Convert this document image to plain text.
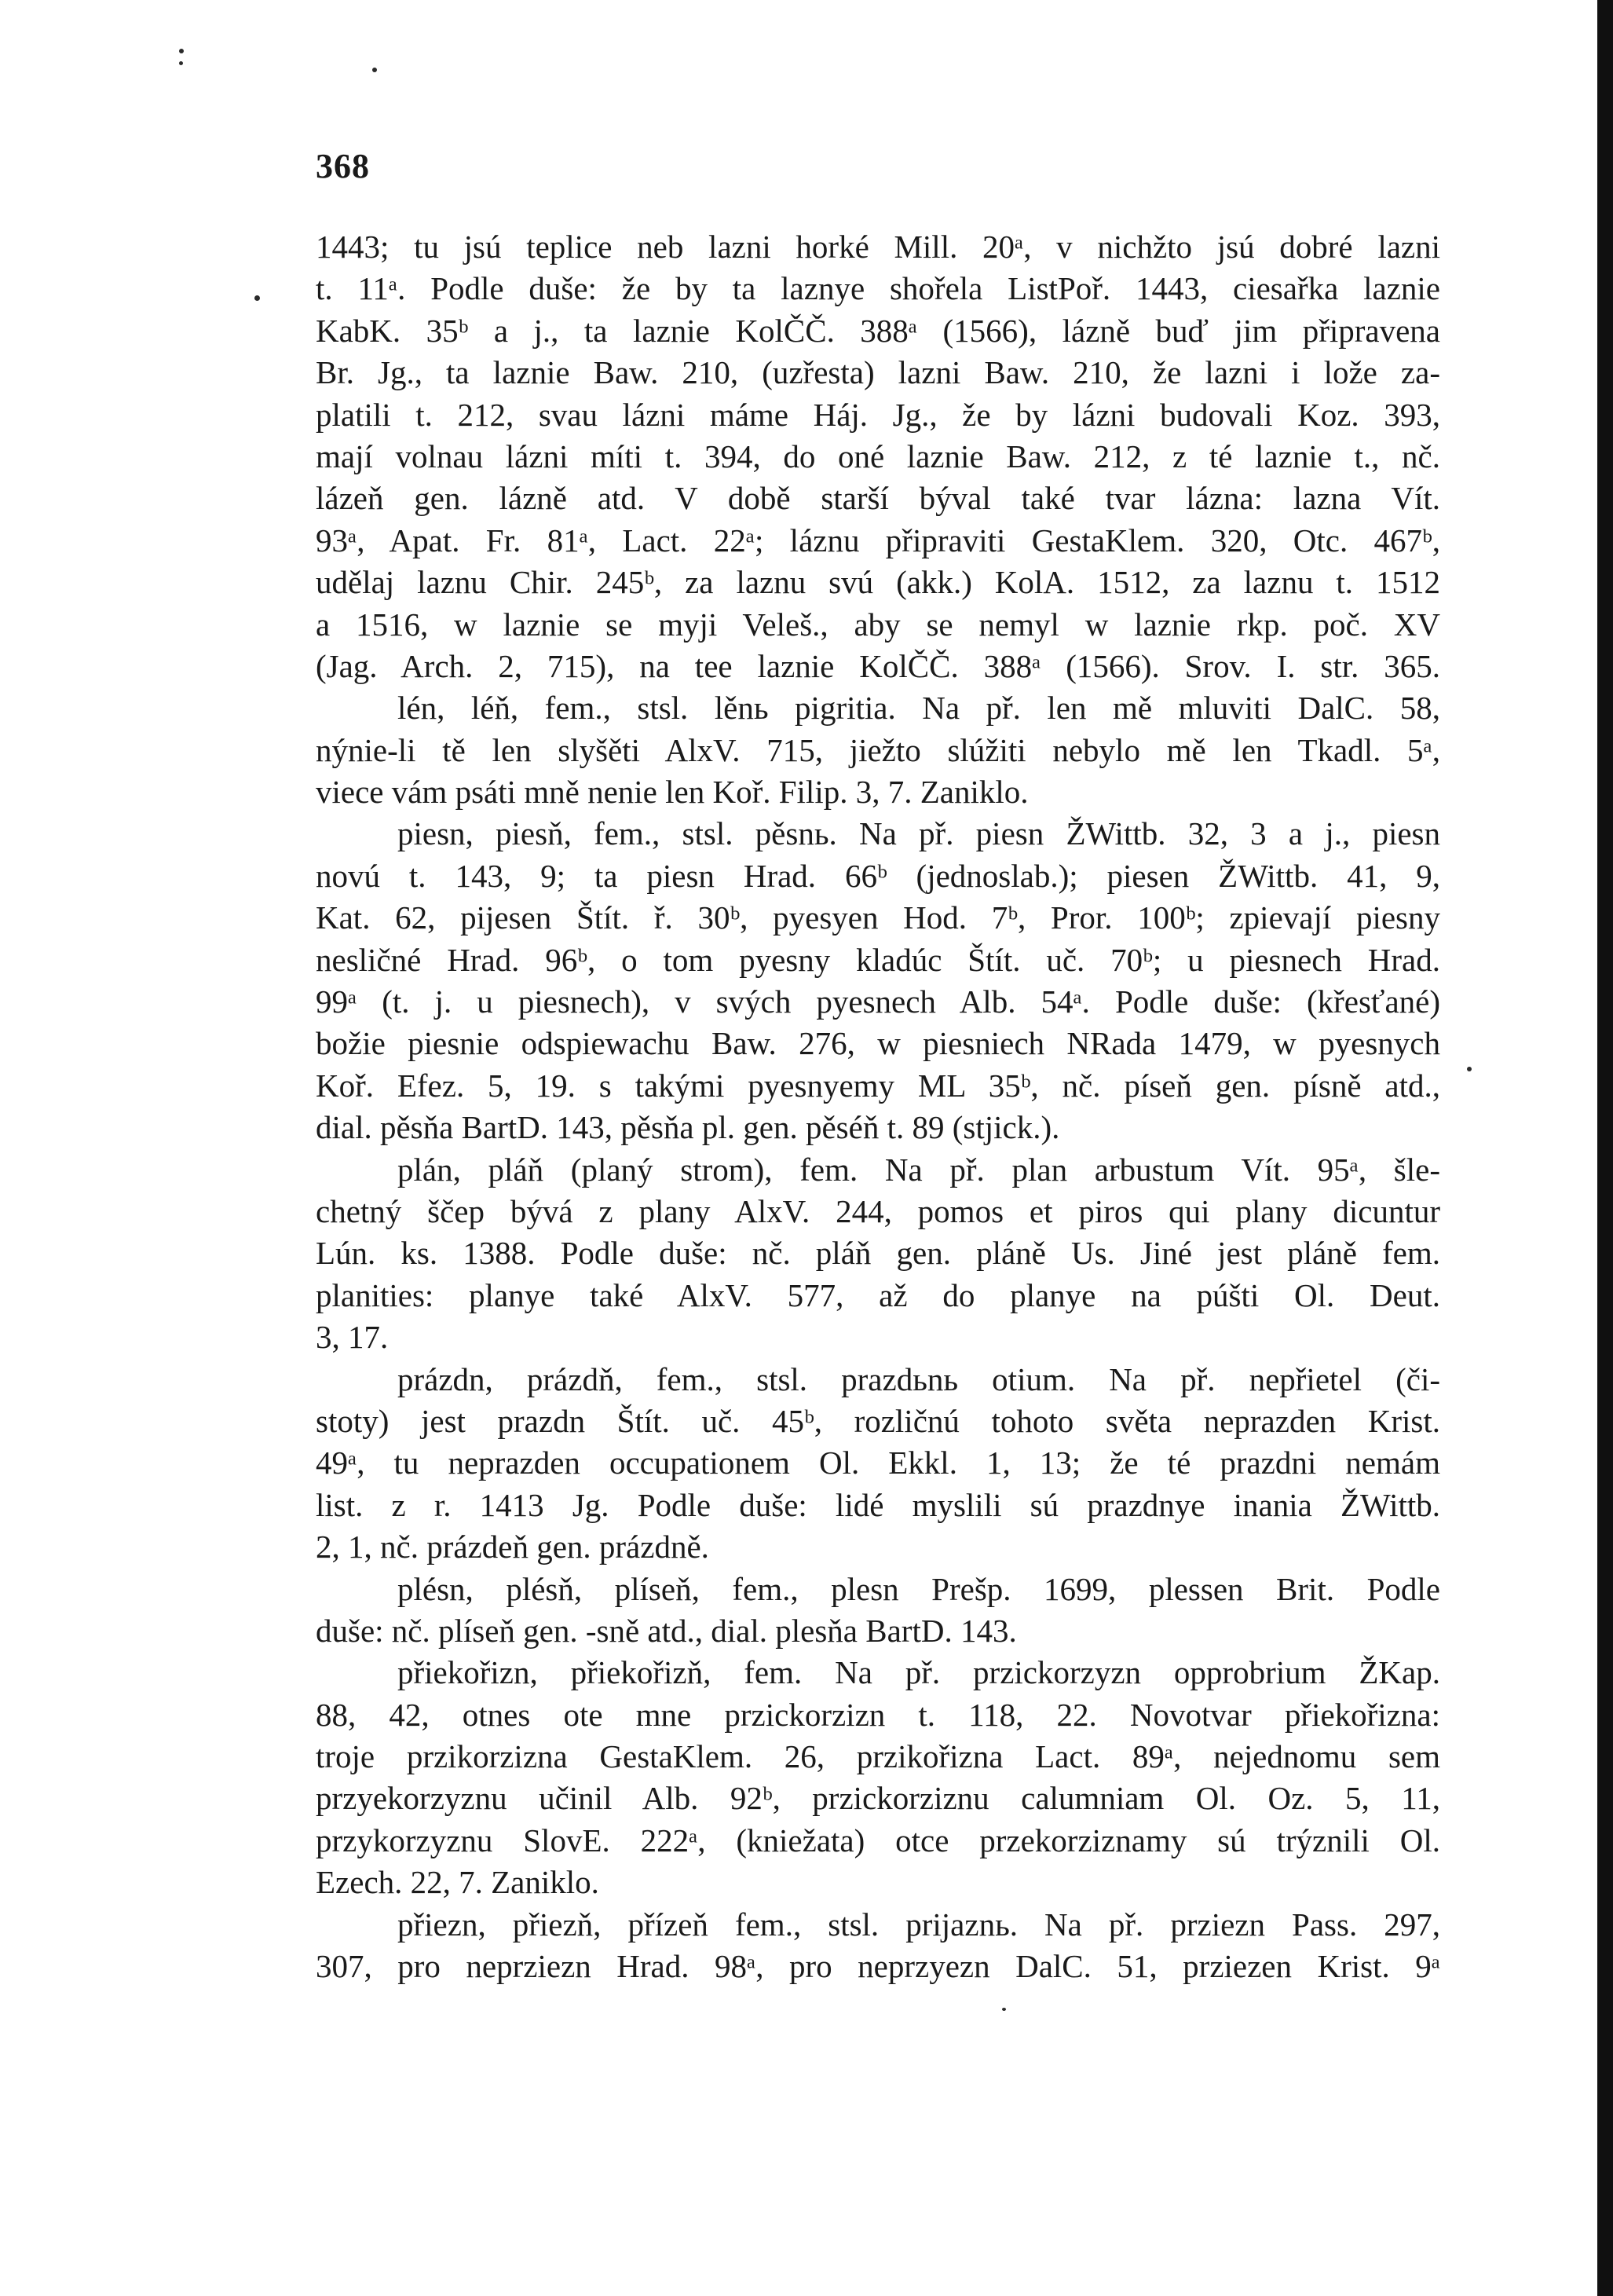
368
1443; tu jsú teplice neb lazni horké Mill. 20ᵃ, v nichžto jsú dobré lazni
t. 11ᵃ. Podle duše: že by ta laznye shořela ListPoř. 1443, ciesařka laznie
KabK. 35ᵇ a j., ta laznie KolČČ. 388ᵃ (1566), lázně buď jim připravena
Br. Jg., ta laznie Baw. 210, (uzřesta) lazni Baw. 210, že lazni i lože za-
platili t. 212, svau lázni máme Háj. Jg., že by lázni budovali Koz. 393,
mají volnau lázni míti t. 394, do oné laznie Baw. 212, z té laznie t., nč.
lázeň gen. lázně atd. V době starší býval také tvar lázna: lazna Vít.
93ᵃ, Apat. Fr. 81ᵃ, Lact. 22ᵃ; láznu připraviti GestaKlem. 320, Otc. 467ᵇ,
udělaj laznu Chir. 245ᵇ, za laznu svú (akk.) KolA. 1512, za laznu t. 1512
a 1516, w laznie se myji Veleš., aby se nemyl w laznie rkp. poč. XV
(Jag. Arch. 2, 715), na tee laznie KolČČ. 388ᵃ (1566). Srov. I. str. 365.
lén, léň, fem., stsl. lěnь pigritia. Na př. len mě mluviti DalC. 58,
nýnie-li tě len slyšěti AlxV. 715, jiežto slúžiti nebylo mě len Tkadl. 5ᵃ,
viece vám psáti mně nenie len Koř. Filip. 3, 7. Zaniklo.
piesn, piesň, fem., stsl. pěsnь. Na př. piesn ŽWittb. 32, 3 a j., piesn
novú t. 143, 9; ta piesn Hrad. 66ᵇ (jednoslab.); piesen ŽWittb. 41, 9,
Kat. 62, pijesen Štít. ř. 30ᵇ, pyesyen Hod. 7ᵇ, Pror. 100ᵇ; zpievají piesny
nesličné Hrad. 96ᵇ, o tom pyesny kladúc Štít. uč. 70ᵇ; u piesnech Hrad.
99ᵃ (t. j. u piesnech), v svých pyesnech Alb. 54ᵃ. Podle duše: (křesťané)
božie piesnie odspiewachu Baw. 276, w piesniech NRada 1479, w pyesnych
Koř. Efez. 5, 19. s takými pyesnyemy ML 35ᵇ, nč. píseň gen. písně atd.,
dial. pěsňa BartD. 143, pěsňa pl. gen. pěséň t. 89 (stjick.).
plán, pláň (planý strom), fem. Na př. plan arbustum Vít. 95ᵃ, šle-
chetný ščep bývá z plany AlxV. 244, pomos et piros qui plany dicuntur
Lún. ks. 1388. Podle duše: nč. pláň gen. pláně Us. Jiné jest pláně fem.
planities: planye také AlxV. 577, až do planye na púšti Ol. Deut.
3, 17.
prázdn, prázdň, fem., stsl. prazdьnь otium. Na př. nepřietel (či-
stoty) jest prazdn Štít. uč. 45ᵇ, rozličnú tohoto světa neprazden Krist.
49ᵃ, tu neprazden occupationem Ol. Ekkl. 1, 13; že té prazdni nemám
list. z r. 1413 Jg. Podle duše: lidé myslili sú prazdnye inania ŽWittb.
2, 1, nč. prázdeň gen. prázdně.
plésn, plésň, plíseň, fem., plesn Prešp. 1699, plessen Brit. Podle
duše: nč. plíseň gen. -sně atd., dial. plesňa BartD. 143.
přiekořizn, přiekořizň, fem. Na př. przickorzyzn opprobrium ŽKap.
88, 42, otnes ote mne przickorzizn t. 118, 22. Novotvar přiekořizna:
troje przikorzizna GestaKlem. 26, przikořizna Lact. 89ᵃ, nejednomu sem
przyekorzyznu učinil Alb. 92ᵇ, przickorziznu calumniam Ol. Oz. 5, 11,
przykorzyznu SlovE. 222ᵃ, (kniežata) otce przekorziznamy sú trýznili Ol.
Ezech. 22, 7. Zaniklo.
přiezn, přiezň, přízeň fem., stsl. prijaznь. Na př. przіezn Pass. 297,
307, pro neprziezn Hrad. 98ᵃ, pro neprzyezn DalC. 51, przіezen Krist. 9ᵃ
